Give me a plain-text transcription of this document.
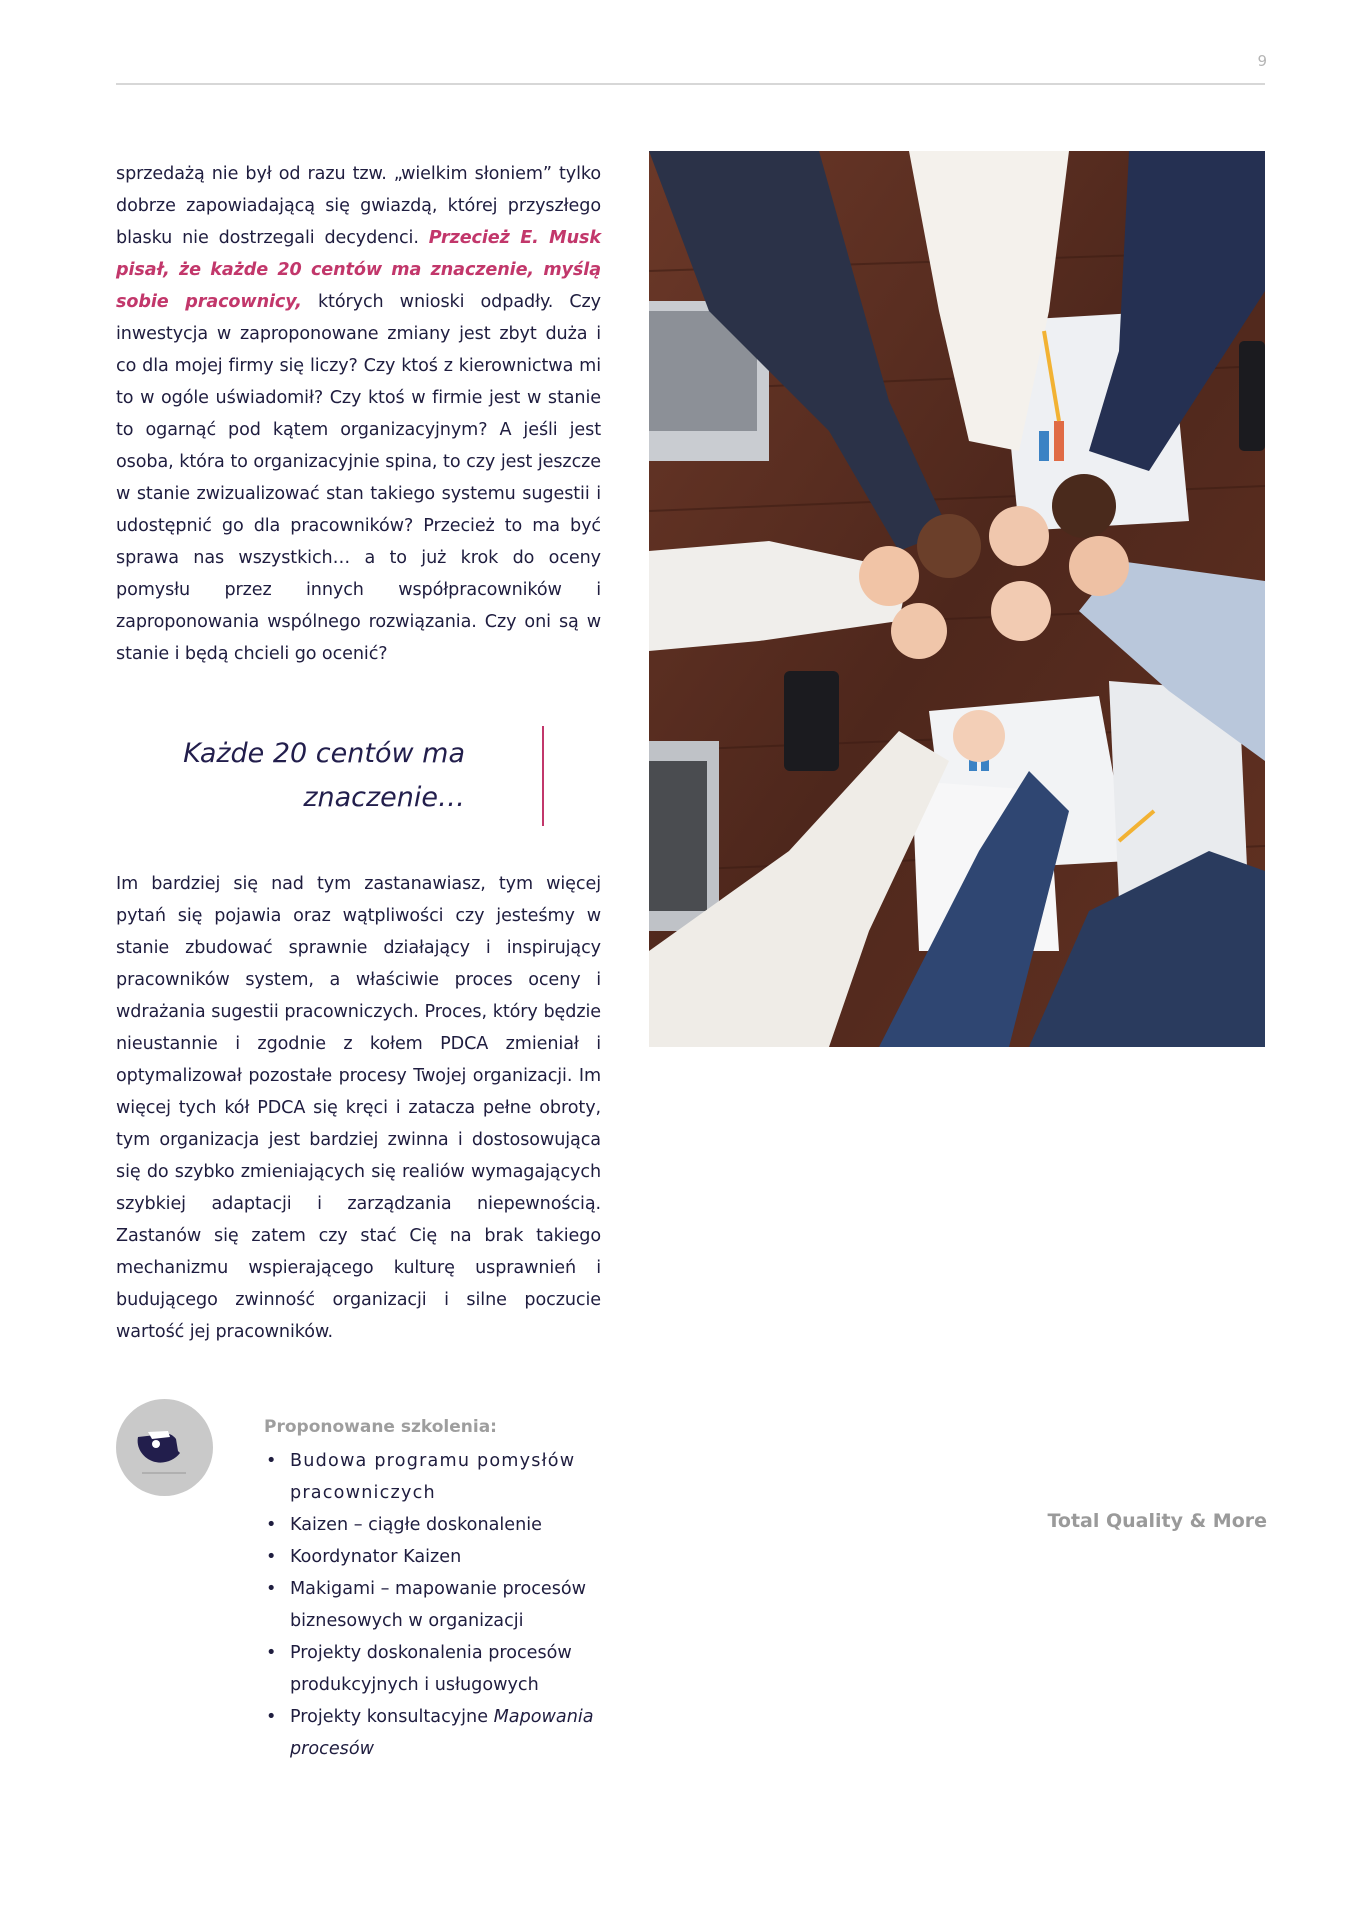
9

sprzedażą nie był od razu tzw. „wielkim słoniem” tylko dobrze zapowiadającą się gwiazdą, której przyszłego blasku nie dostrzegali decydenci. Przecież E. Musk pisał, że każde 20 centów ma znaczenie, myślą sobie pracownicy, których wnioski odpadły. Czy inwestycja w zaproponowane zmiany jest zbyt duża i co dla mojej firmy się liczy? Czy ktoś z kierownictwa mi to w ogóle uświadomił? Czy ktoś w firmie jest w stanie to ogarnąć pod kątem organizacyjnym? A jeśli jest osoba, która to organizacyjnie spina, to czy jest jeszcze w stanie zwizualizować stan takiego systemu sugestii i udostępnić go dla pracowników? Przecież to ma być sprawa nas wszystkich… a to już krok do oceny pomysłu przez innych współpracowników i zaproponowania wspólnego rozwiązania. Czy oni są w stanie i będą chcieli go ocenić?

Każde 20 centów ma
znaczenie…

Im bardziej się nad tym zastanawiasz, tym więcej pytań się pojawia oraz wątpliwości czy jesteśmy w stanie zbudować sprawnie działający i inspirujący pracowników system, a właściwie proces oceny i wdrażania sugestii pracowniczych. Proces, który będzie nieustannie i zgodnie z kołem PDCA zmieniał i optymalizował pozostałe procesy Twojej organizacji. Im więcej tych kół PDCA się kręci i zatacza pełne obroty, tym organizacja jest bardziej zwinna i dostosowująca się do szybko zmieniających się realiów wymagających szybkiej adaptacji i zarządzania niepewnością. Zastanów się zatem czy stać Cię na brak takiego mechanizmu wspierającego kulturę usprawnień i budującego zwinność organizacji i silne poczucie wartość jej pracowników.

Proponowane szkolenia:

• Budowa programu pomysłów pracowniczych
• Kaizen – ciągłe doskonalenie
• Koordynator Kaizen
• Makigami – mapowanie procesów biznesowych w organizacji
• Projekty doskonalenia procesów produkcyjnych i usługowych
• Projekty konsultacyjne Mapowania procesów
Total Quality & More
